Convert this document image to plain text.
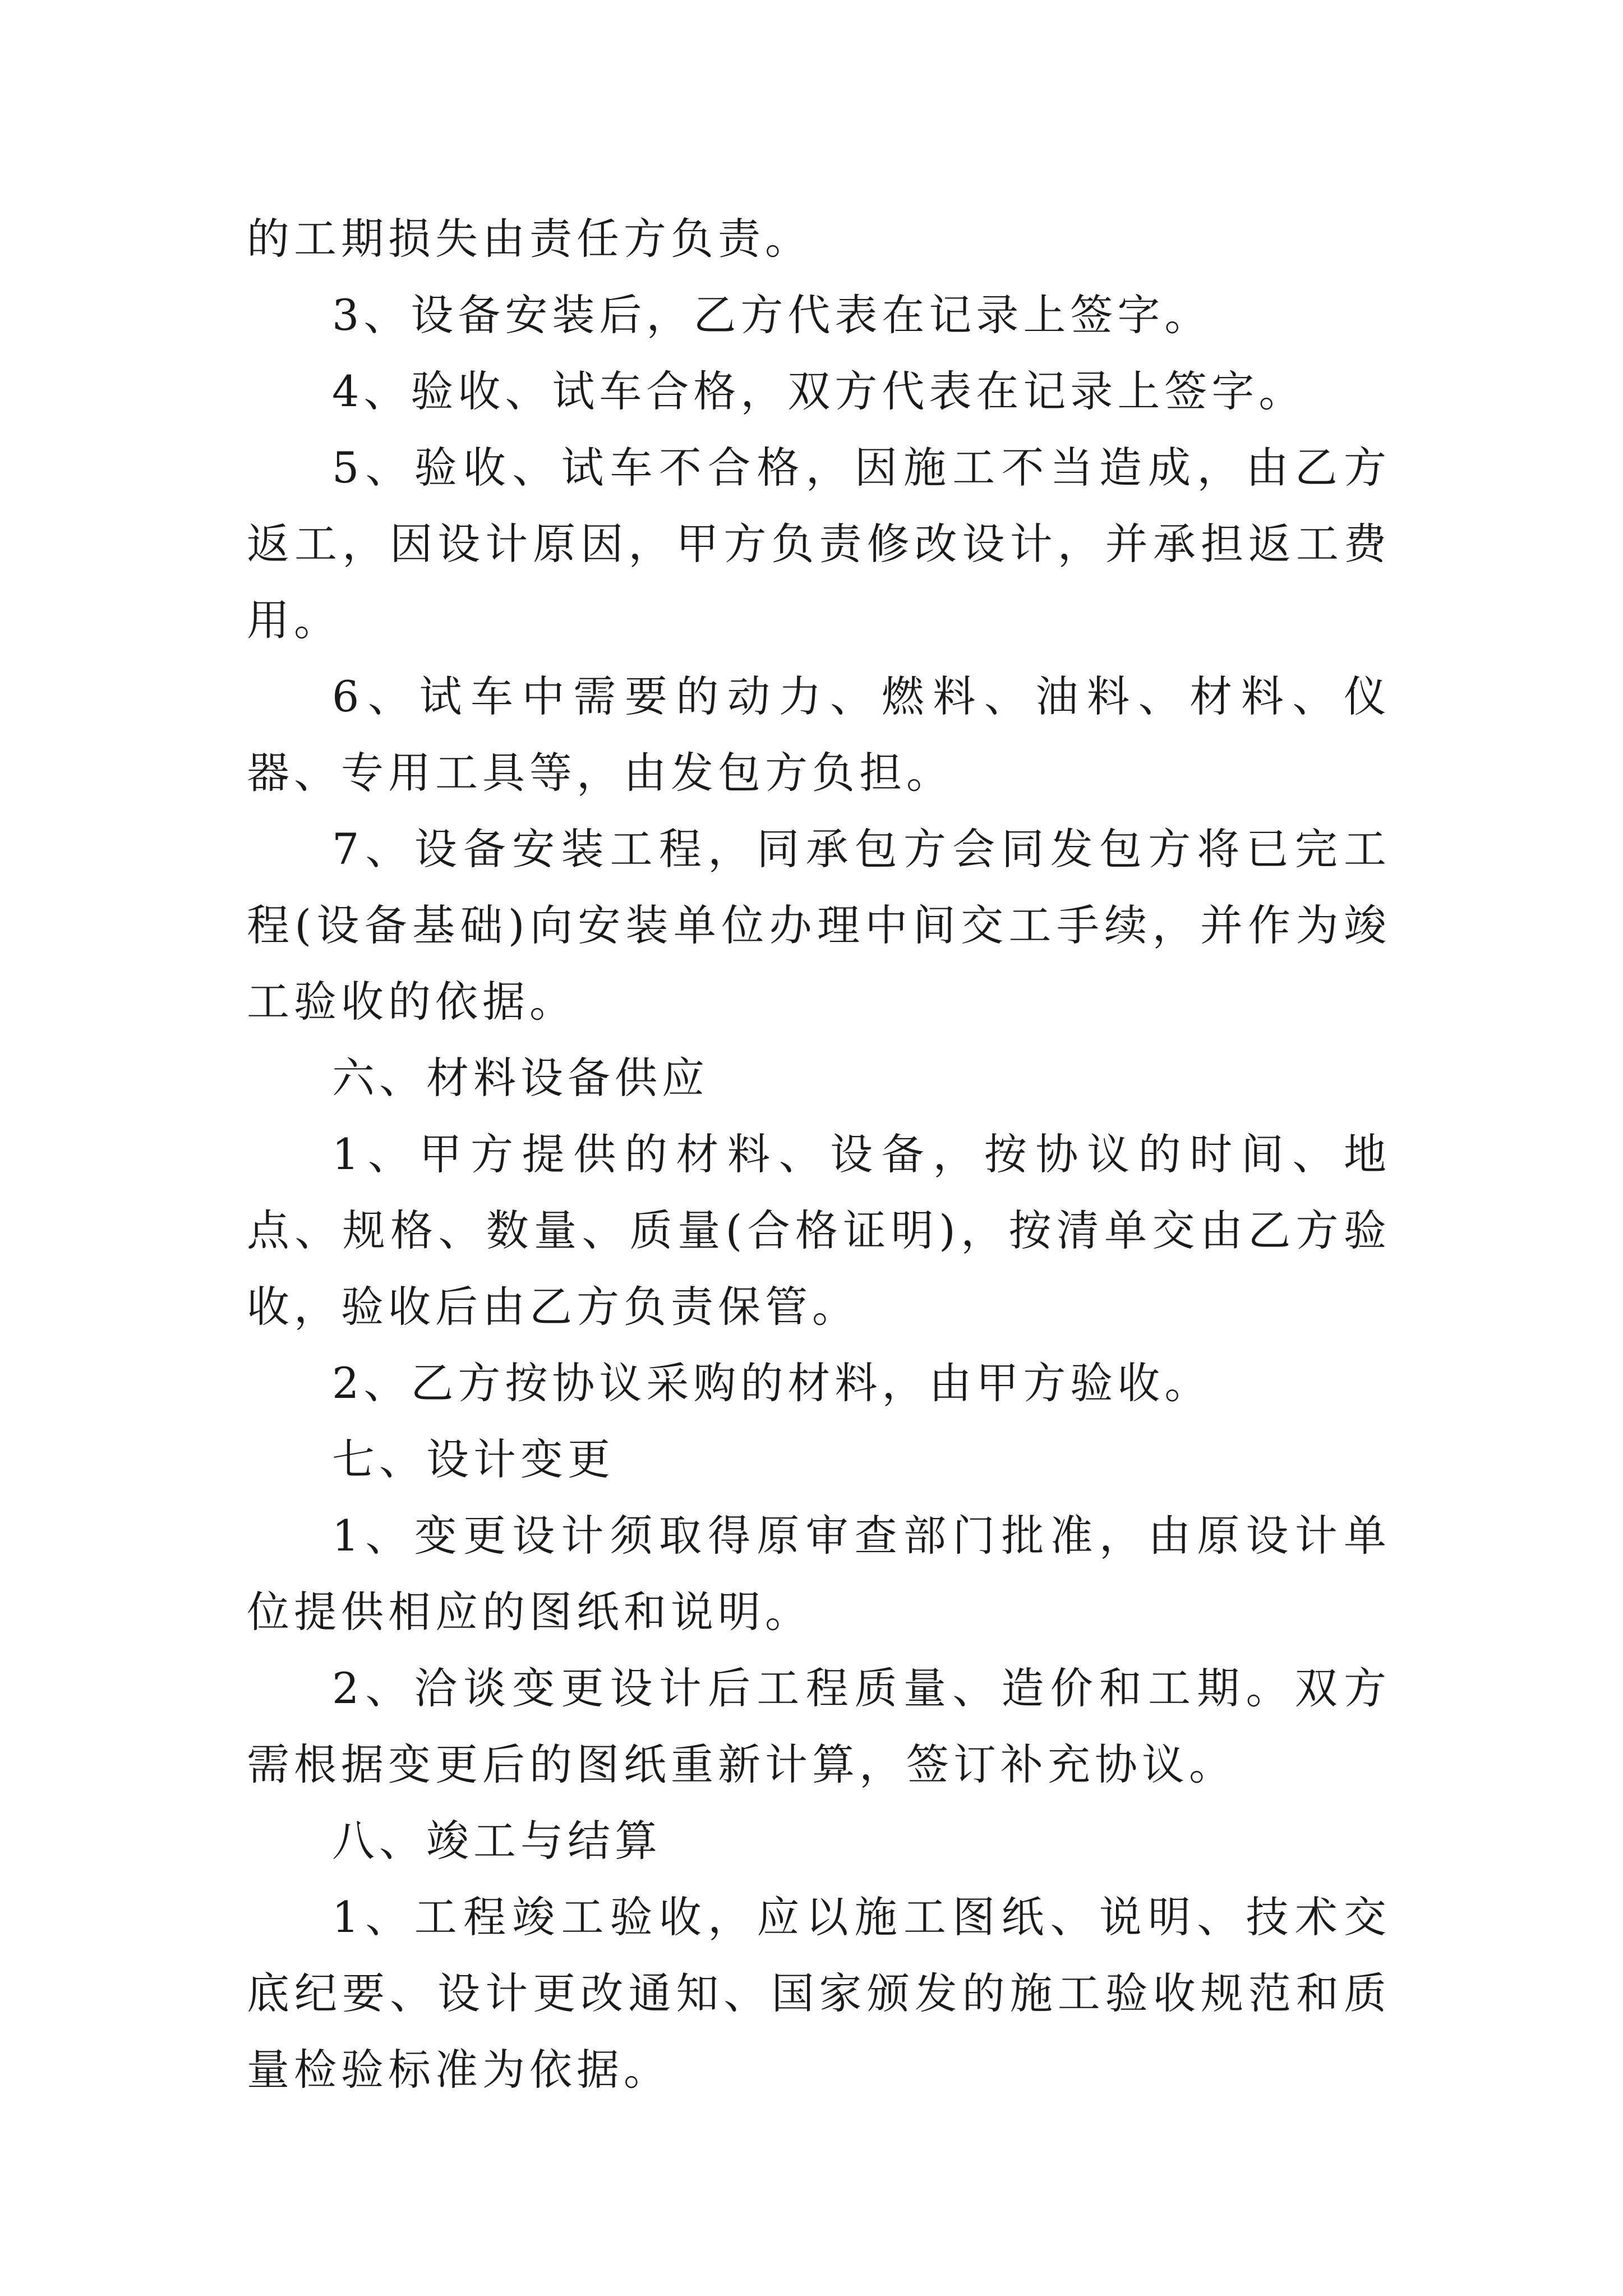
的工期损失由责任方负责。

3、设备安装后，乙方代表在记录上签字。

4、验收、试车合格，双方代表在记录上签字。

5、验收、试车不合格，因施工不当造成，由乙方返工，因设计原因，甲方负责修改设计，并承担返工费用。

6、试车中需要的动力、燃料、油料、材料、仪器、专用工具等，由发包方负担。

7、设备安装工程，同承包方会同发包方将已完工程(设备基础)向安装单位办理中间交工手续，并作为竣工验收的依据。

六、材料设备供应

1、甲方提供的材料、设备，按协议的时间、地点、规格、数量、质量(合格证明)，按清单交由乙方验收，验收后由乙方负责保管。

2、乙方按协议采购的材料，由甲方验收。

七、设计变更

1、变更设计须取得原审查部门批准，由原设计单位提供相应的图纸和说明。

2、洽谈变更设计后工程质量、造价和工期。双方需根据变更后的图纸重新计算，签订补充协议。

八、竣工与结算

1、工程竣工验收，应以施工图纸、说明、技术交底纪要、设计更改通知、国家颁发的施工验收规范和质量检验标准为依据。
